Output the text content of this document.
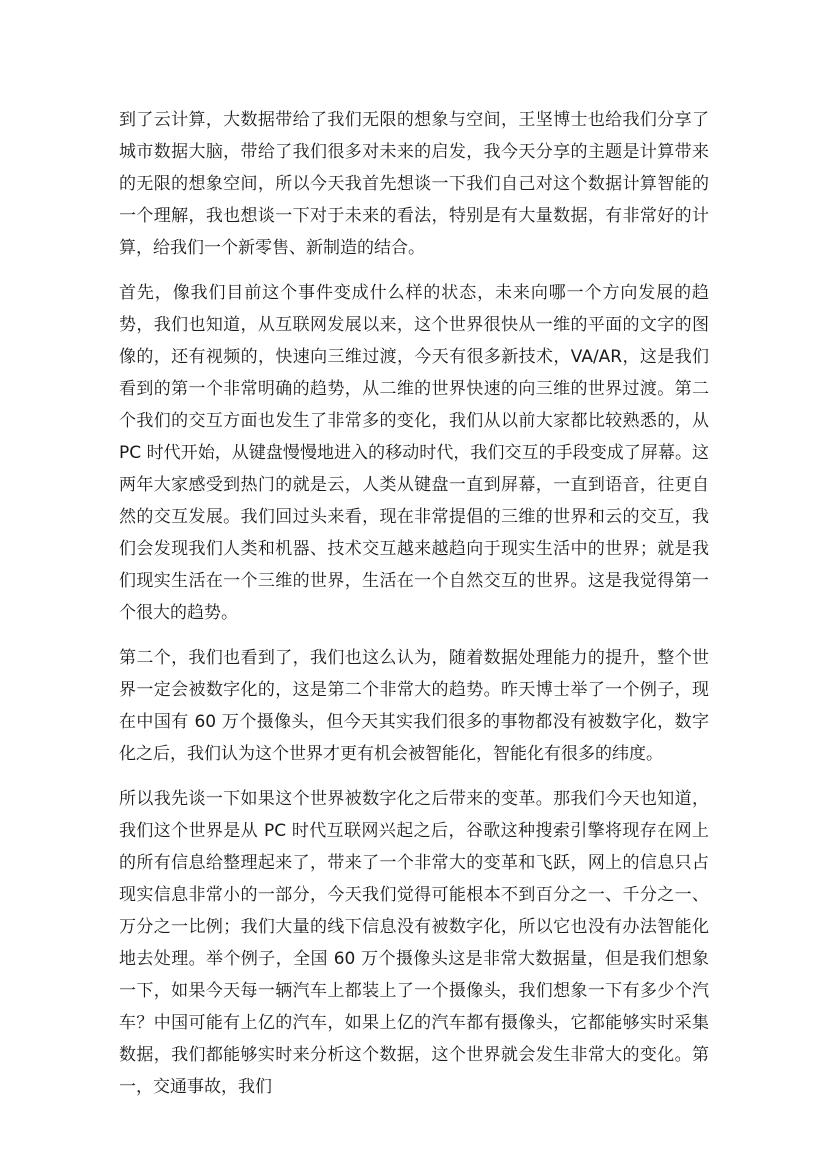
到了云计算，大数据带给了我们无限的想象与空间，王坚博士也给我们分享了城市数据大脑，带给了我们很多对未来的启发，我今天分享的主题是计算带来的无限的想象空间，所以今天我首先想谈一下我们自己对这个数据计算智能的一个理解，我也想谈一下对于未来的看法，特别是有大量数据，有非常好的计算，给我们一个新零售、新制造的结合。

首先，像我们目前这个事件变成什么样的状态，未来向哪一个方向发展的趋势，我们也知道，从互联网发展以来，这个世界很快从一维的平面的文字的图像的，还有视频的，快速向三维过渡，今天有很多新技术，VA/AR，这是我们看到的第一个非常明确的趋势，从二维的世界快速的向三维的世界过渡。第二个我们的交互方面也发生了非常多的变化，我们从以前大家都比较熟悉的，从 PC 时代开始，从键盘慢慢地进入的移动时代，我们交互的手段变成了屏幕。这两年大家感受到热门的就是云，人类从键盘一直到屏幕，一直到语音，往更自然的交互发展。我们回过头来看，现在非常提倡的三维的世界和云的交互，我们会发现我们人类和机器、技术交互越来越趋向于现实生活中的世界；就是我们现实生活在一个三维的世界，生活在一个自然交互的世界。这是我觉得第一个很大的趋势。

第二个，我们也看到了，我们也这么认为，随着数据处理能力的提升，整个世界一定会被数字化的，这是第二个非常大的趋势。昨天博士举了一个例子，现在中国有 60 万个摄像头，但今天其实我们很多的事物都没有被数字化，数字化之后，我们认为这个世界才更有机会被智能化，智能化有很多的纬度。

所以我先谈一下如果这个世界被数字化之后带来的变革。那我们今天也知道，我们这个世界是从 PC 时代互联网兴起之后，谷歌这种搜索引擎将现存在网上的所有信息给整理起来了，带来了一个非常大的变革和飞跃，网上的信息只占现实信息非常小的一部分，今天我们觉得可能根本不到百分之一、千分之一、万分之一比例；我们大量的线下信息没有被数字化，所以它也没有办法智能化地去处理。举个例子，全国 60 万个摄像头这是非常大数据量，但是我们想象一下，如果今天每一辆汽车上都装上了一个摄像头，我们想象一下有多少个汽车？中国可能有上亿的汽车，如果上亿的汽车都有摄像头，它都能够实时采集数据，我们都能够实时来分析这个数据，这个世界就会发生非常大的变化。第一，交通事故，我们
